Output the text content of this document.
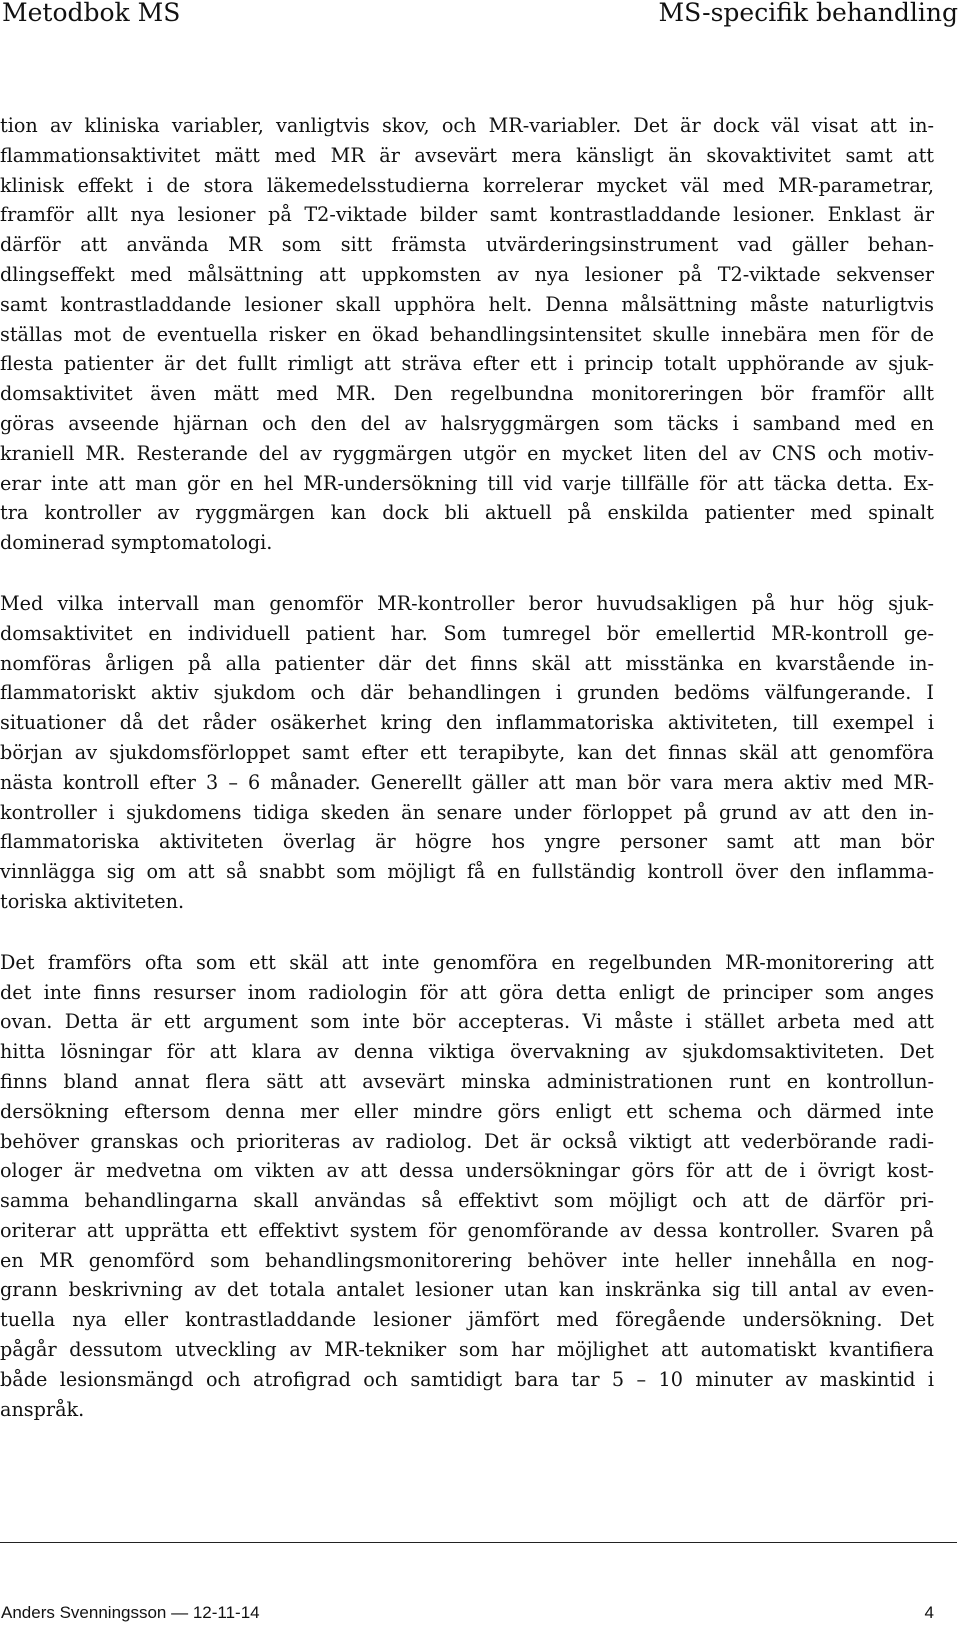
Metodbok MS	MS-specifik behandling
tion av kliniska variabler, vanligtvis skov, och MR-variabler. Det är dock väl visat att in-
flammationsaktivitet mätt med MR är avsevärt mera känsligt än skovaktivitet samt att
klinisk effekt i de stora läkemedelsstudierna korrelerar mycket väl med MR-parametrar,
framför allt nya lesioner på T2-viktade bilder samt kontrastladdande lesioner. Enklast är
därför att använda MR som sitt främsta utvärderingsinstrument vad gäller behan-
dlingseffekt med målsättning att uppkomsten av nya lesioner på T2-viktade sekvenser
samt kontrastladdande lesioner skall upphöra helt. Denna målsättning måste naturligtvis
ställas mot de eventuella risker en ökad behandlingsintensitet skulle innebära men för de
flesta patienter är det fullt rimligt att sträva efter ett i princip totalt upphörande av sjuk-
domsaktivitet även mätt med MR. Den regelbundna monitoreringen bör framför allt
göras avseende hjärnan och den del av halsryggmärgen som täcks i samband med en
kraniell MR. Resterande del av ryggmärgen utgör en mycket liten del av CNS och motiv-
erar inte att man gör en hel MR-undersökning till vid varje tillfälle för att täcka detta. Ex-
tra kontroller av ryggmärgen kan dock bli aktuell på enskilda patienter med spinalt
dominerad symptomatologi.
Med vilka intervall man genomför MR-kontroller beror huvudsakligen på hur hög sjuk-
domsaktivitet en individuell patient har. Som tumregel bör emellertid MR-kontroll ge-
nomföras årligen på alla patienter där det finns skäl att misstänka en kvarstående in-
flammatoriskt aktiv sjukdom och där behandlingen i grunden bedöms välfungerande. I
situationer då det råder osäkerhet kring den inflammatoriska aktiviteten, till exempel i
början av sjukdomsförloppet samt efter ett terapibyte, kan det finnas skäl att genomföra
nästa kontroll efter 3 – 6 månader. Generellt gäller att man bör vara mera aktiv med MR-
kontroller i sjukdomens tidiga skeden än senare under förloppet på grund av att den in-
flammatoriska aktiviteten överlag är högre hos yngre personer samt att man bör
vinnlägga sig om att så snabbt som möjligt få en fullständig kontroll över den inflamma-
toriska aktiviteten.
Det framförs ofta som ett skäl att inte genomföra en regelbunden MR-monitorering att
det inte finns resurser inom radiologin för att göra detta enligt de principer som anges
ovan. Detta är ett argument som inte bör accepteras. Vi måste i stället arbeta med att
hitta lösningar för att klara av denna viktiga övervakning av sjukdomsaktiviteten. Det
finns bland annat flera sätt att avsevärt minska administrationen runt en kontrollun-
dersökning eftersom denna mer eller mindre görs enligt ett schema och därmed inte
behöver granskas och prioriteras av radiolog. Det är också viktigt att vederbörande radi-
ologer är medvetna om vikten av att dessa undersökningar görs för att de i övrigt kost-
samma behandlingarna skall användas så effektivt som möjligt och att de därför pri-
oriterar att upprätta ett effektivt system för genomförande av dessa kontroller. Svaren på
en MR genomförd som behandlingsmonitorering behöver inte heller innehålla en nog-
grann beskrivning av det totala antalet lesioner utan kan inskränka sig till antal av even-
tuella nya eller kontrastladdande lesioner jämfört med föregående undersökning. Det
pågår dessutom utveckling av MR-tekniker som har möjlighet att automatiskt kvantifiera
både lesionsmängd och atrofigrad och samtidigt bara tar 5 – 10 minuter av maskintid i
anspråk.
Anders Svenningsson — 12-11-14	4
